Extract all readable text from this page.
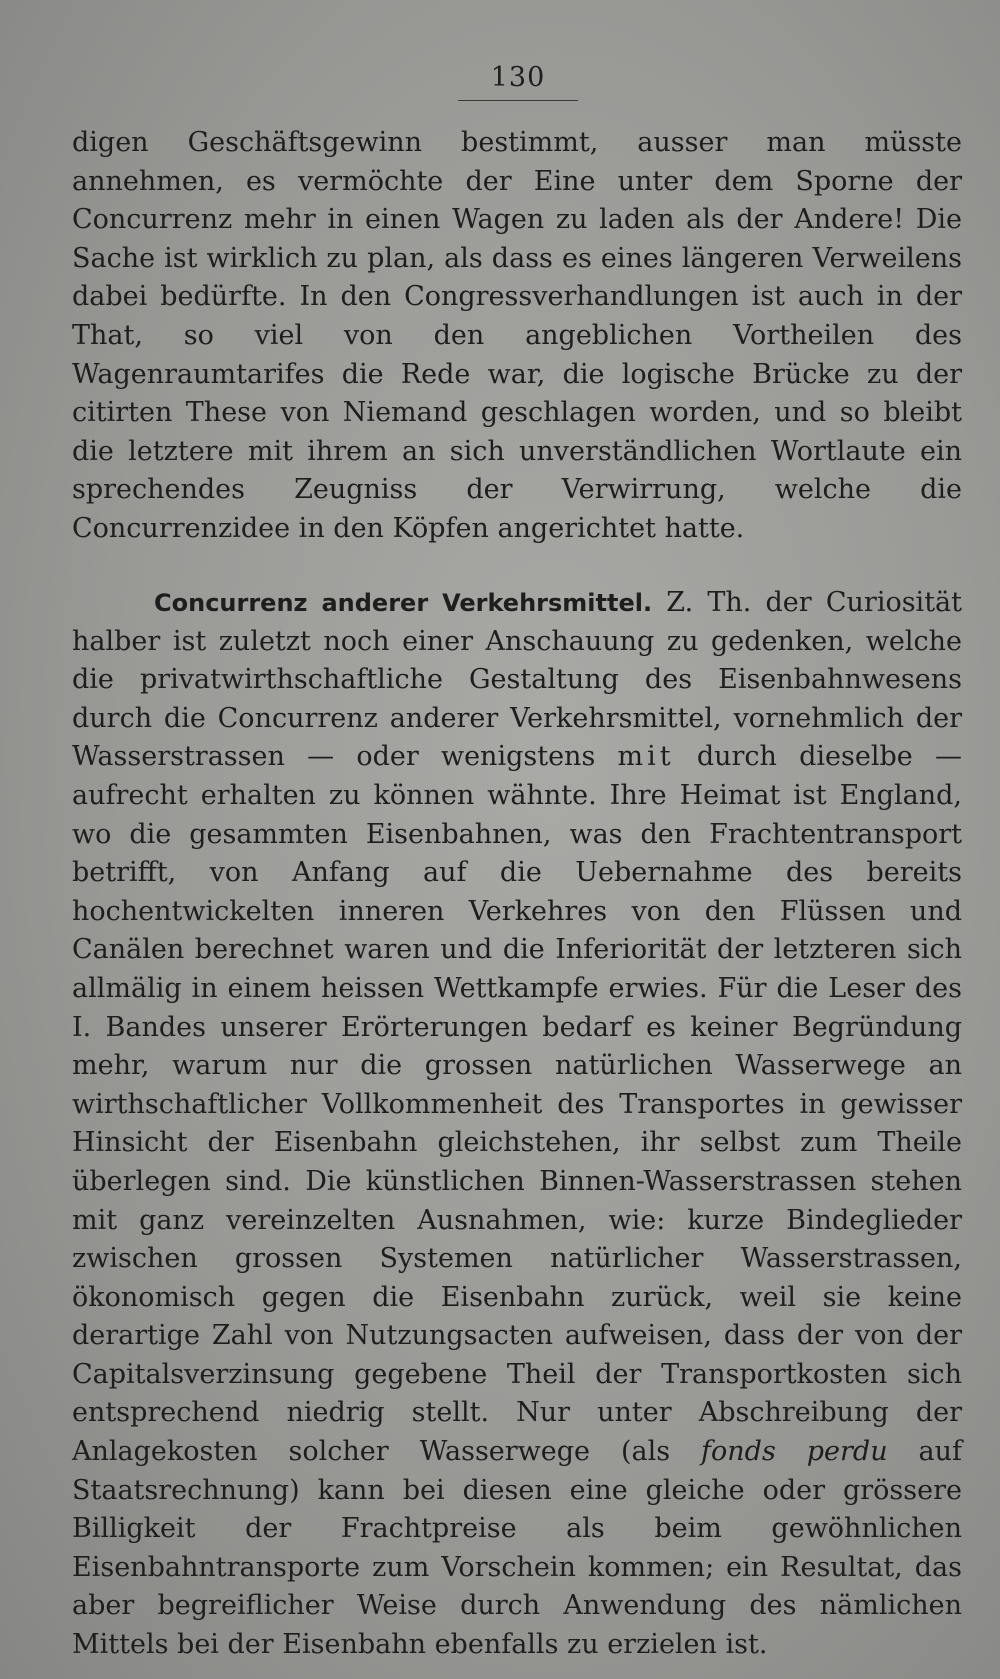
130

digen Geschäftsgewinn bestimmt, ausser man müsste annehmen, es vermöchte der Eine unter dem Sporne der Concurrenz mehr in einen Wagen zu laden als der Andere! Die Sache ist wirklich zu plan, als dass es eines längeren Verweilens dabei bedürfte. In den Congressverhandlungen ist auch in der That, so viel von den angeblichen Vortheilen des Wagenraumtarifes die Rede war, die logische Brücke zu der citirten These von Niemand geschlagen worden, und so bleibt die letztere mit ihrem an sich unverständlichen Wortlaute ein sprechendes Zeugniss der Verwirrung, welche die Concurrenzidee in den Köpfen angerichtet hatte.

Concurrenz anderer Verkehrsmittel. Z. Th. der Curiosität halber ist zuletzt noch einer Anschauung zu gedenken, welche die privatwirthschaftliche Gestaltung des Eisenbahnwesens durch die Concurrenz anderer Verkehrsmittel, vornehmlich der Wasserstrassen — oder wenigstens mit durch dieselbe — aufrecht erhalten zu können wähnte. Ihre Heimat ist England, wo die gesammten Eisenbahnen, was den Frachtentransport betrifft, von Anfang auf die Uebernahme des bereits hochentwickelten inneren Verkehres von den Flüssen und Canälen berechnet waren und die Inferiorität der letzteren sich allmälig in einem heissen Wettkampfe erwies. Für die Leser des I. Bandes unserer Erörterungen bedarf es keiner Begründung mehr, warum nur die grossen natürlichen Wasserwege an wirthschaftlicher Vollkommenheit des Transportes in gewisser Hinsicht der Eisenbahn gleichstehen, ihr selbst zum Theile überlegen sind. Die künstlichen Binnen-Wasserstrassen stehen mit ganz vereinzelten Ausnahmen, wie: kurze Bindeglieder zwischen grossen Systemen natürlicher Wasserstrassen, ökonomisch gegen die Eisenbahn zurück, weil sie keine derartige Zahl von Nutzungsacten aufweisen, dass der von der Capitalsverzinsung gegebene Theil der Transportkosten sich entsprechend niedrig stellt. Nur unter Abschreibung der Anlagekosten solcher Wasserwege (als fonds perdu auf Staatsrechnung) kann bei diesen eine gleiche oder grössere Billigkeit der Frachtpreise als beim gewöhnlichen Eisenbahntransporte zum Vorschein kommen; ein Resultat, das aber begreiflicher Weise durch Anwendung des nämlichen Mittels bei der Eisenbahn ebenfalls zu erzielen ist.
